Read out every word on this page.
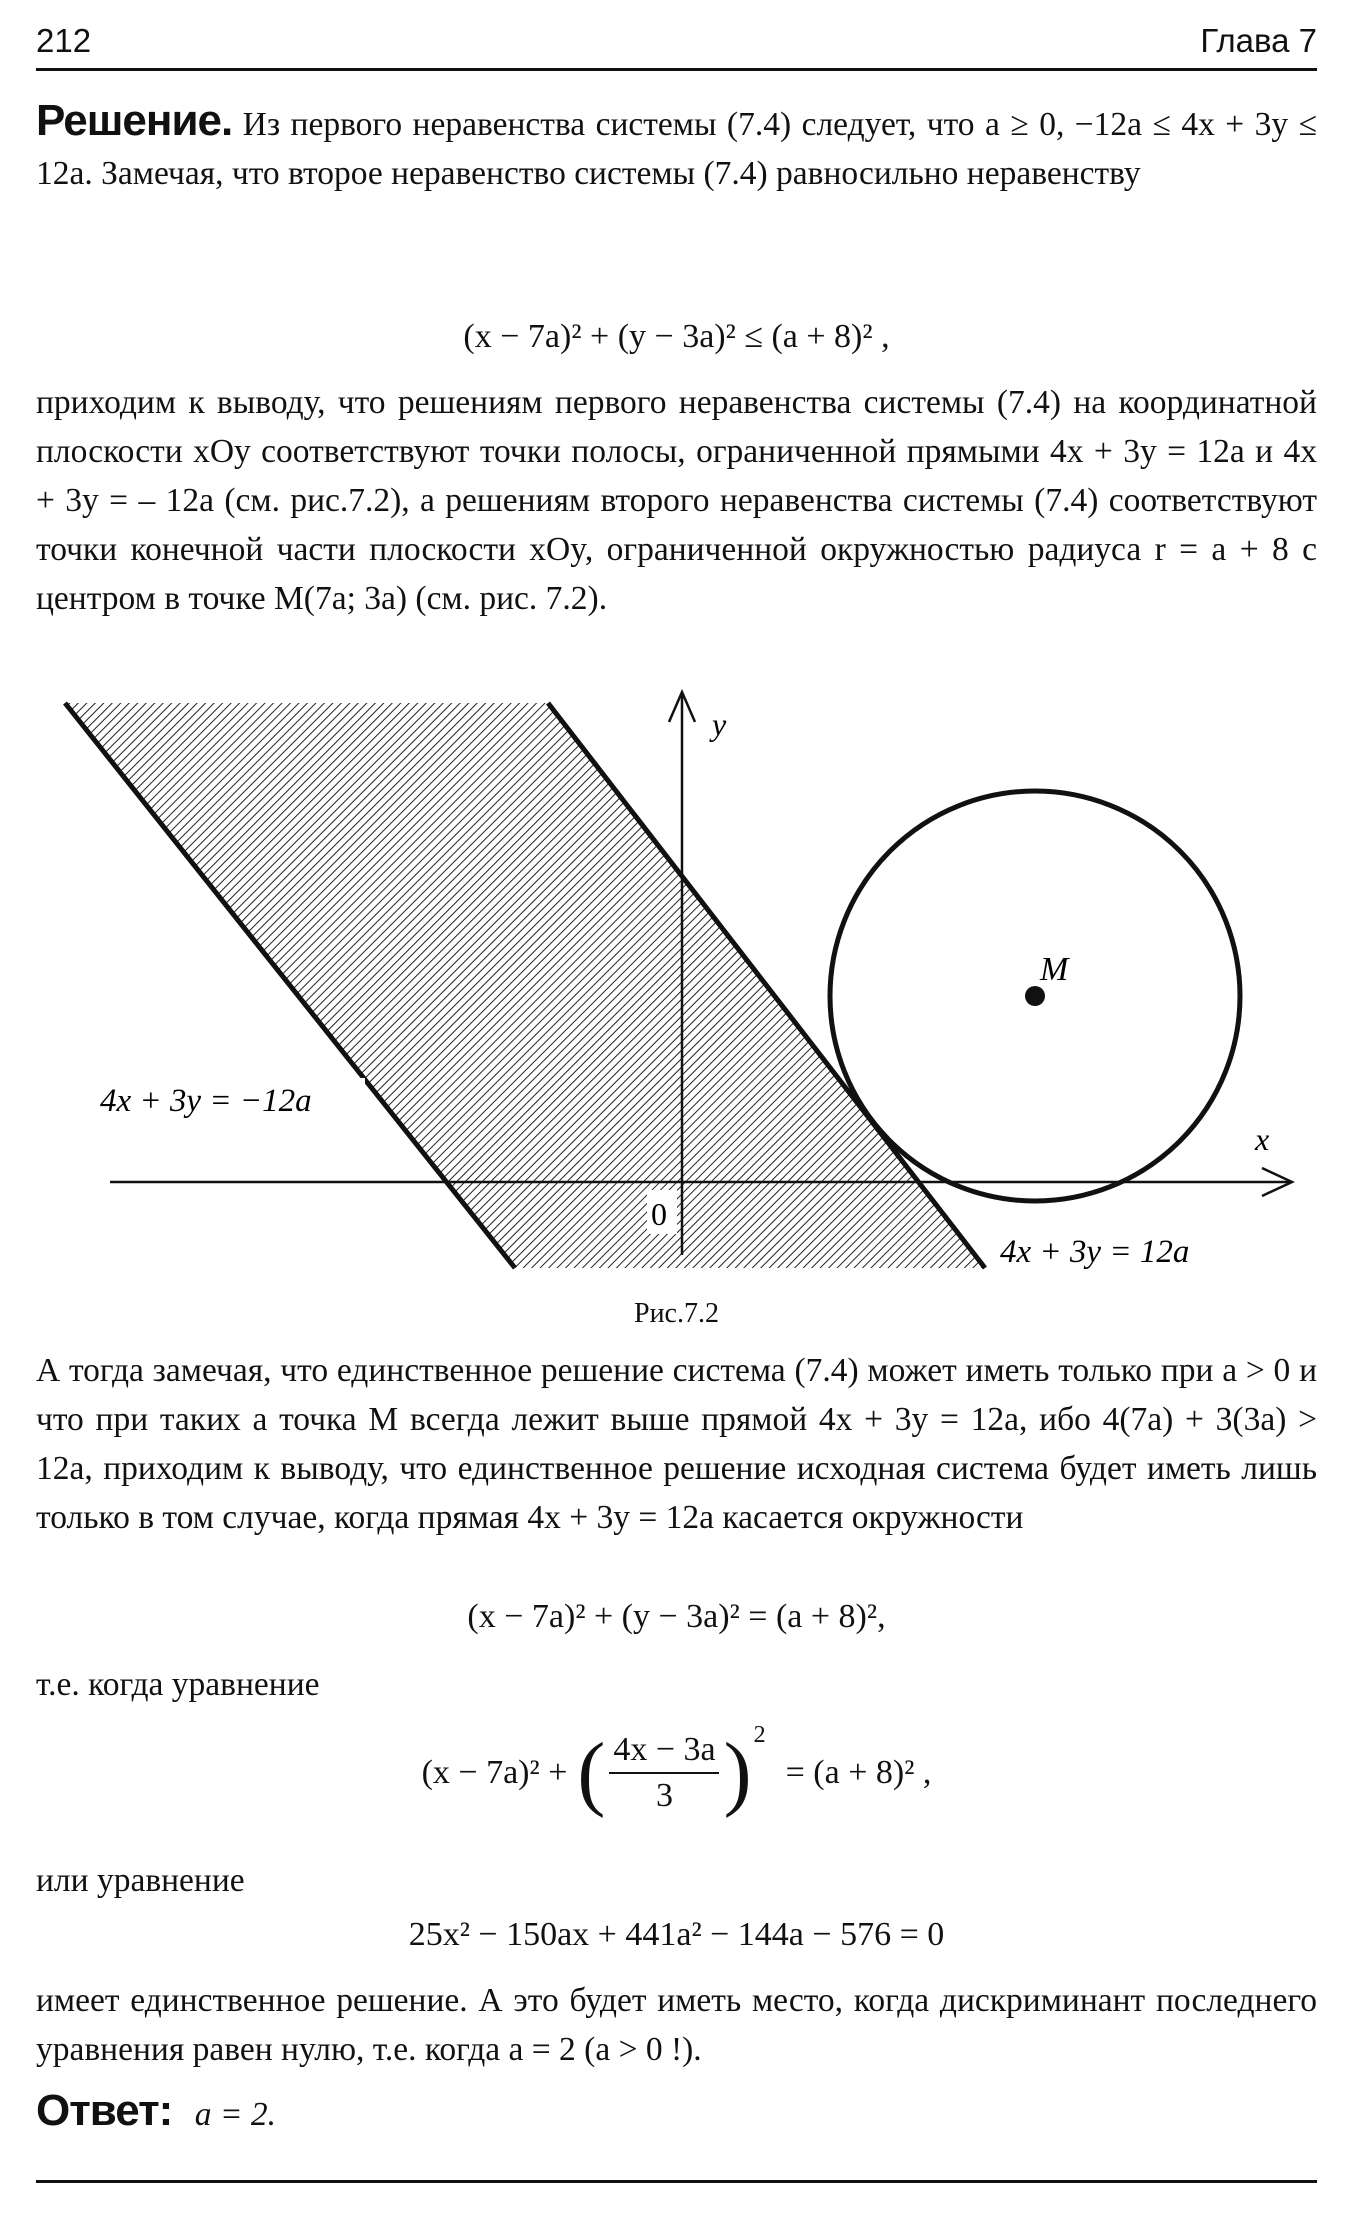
212	Глава 7
Решение. Из первого неравенства системы (7.4) следует, что a ≥ 0, −12a ≤ 4x + 3y ≤ 12a. Замечая, что второе неравенство системы (7.4) равносильно неравенству
(x − 7a)² + (y − 3a)² ≤ (a + 8)² ,
приходим к выводу, что решениям первого неравенства системы (7.4) на координатной плоскости xOy соответствуют точки полосы, ограниченной прямыми 4x + 3y = 12a и 4x + 3y = – 12a (см. рис.7.2), а решениям второго неравенства системы (7.4) соответствуют точки конечной части плоскости xOy, ограниченной окружностью радиуса r = a + 8 с центром в точке M(7a; 3a) (см. рис. 7.2).
0
y
x
M
4x + 3y = −12a
4x + 3y = 12a
Рис.7.2
А тогда замечая, что единственное решение система (7.4) может иметь только при a > 0 и что при таких a точка M всегда лежит выше прямой 4x + 3y = 12a, ибо 4(7a) + 3(3a) > 12a, приходим к выводу, что единственное решение исходная система будет иметь лишь только в том случае, когда прямая 4x + 3y = 12a касается окружности
(x − 7a)² + (y − 3a)² = (a + 8)²,
т.е. когда уравнение
(x − 7a)² + ( 4x − 3a
3 ) 2
= (a + 8)² ,
или уравнение
25x² − 150ax + 441a² − 144a − 576 = 0
имеет единственное решение. А это будет иметь место, когда дискриминант последнего уравнения равен нулю, т.е. когда a = 2 (a > 0 !).
Ответ: a = 2.
